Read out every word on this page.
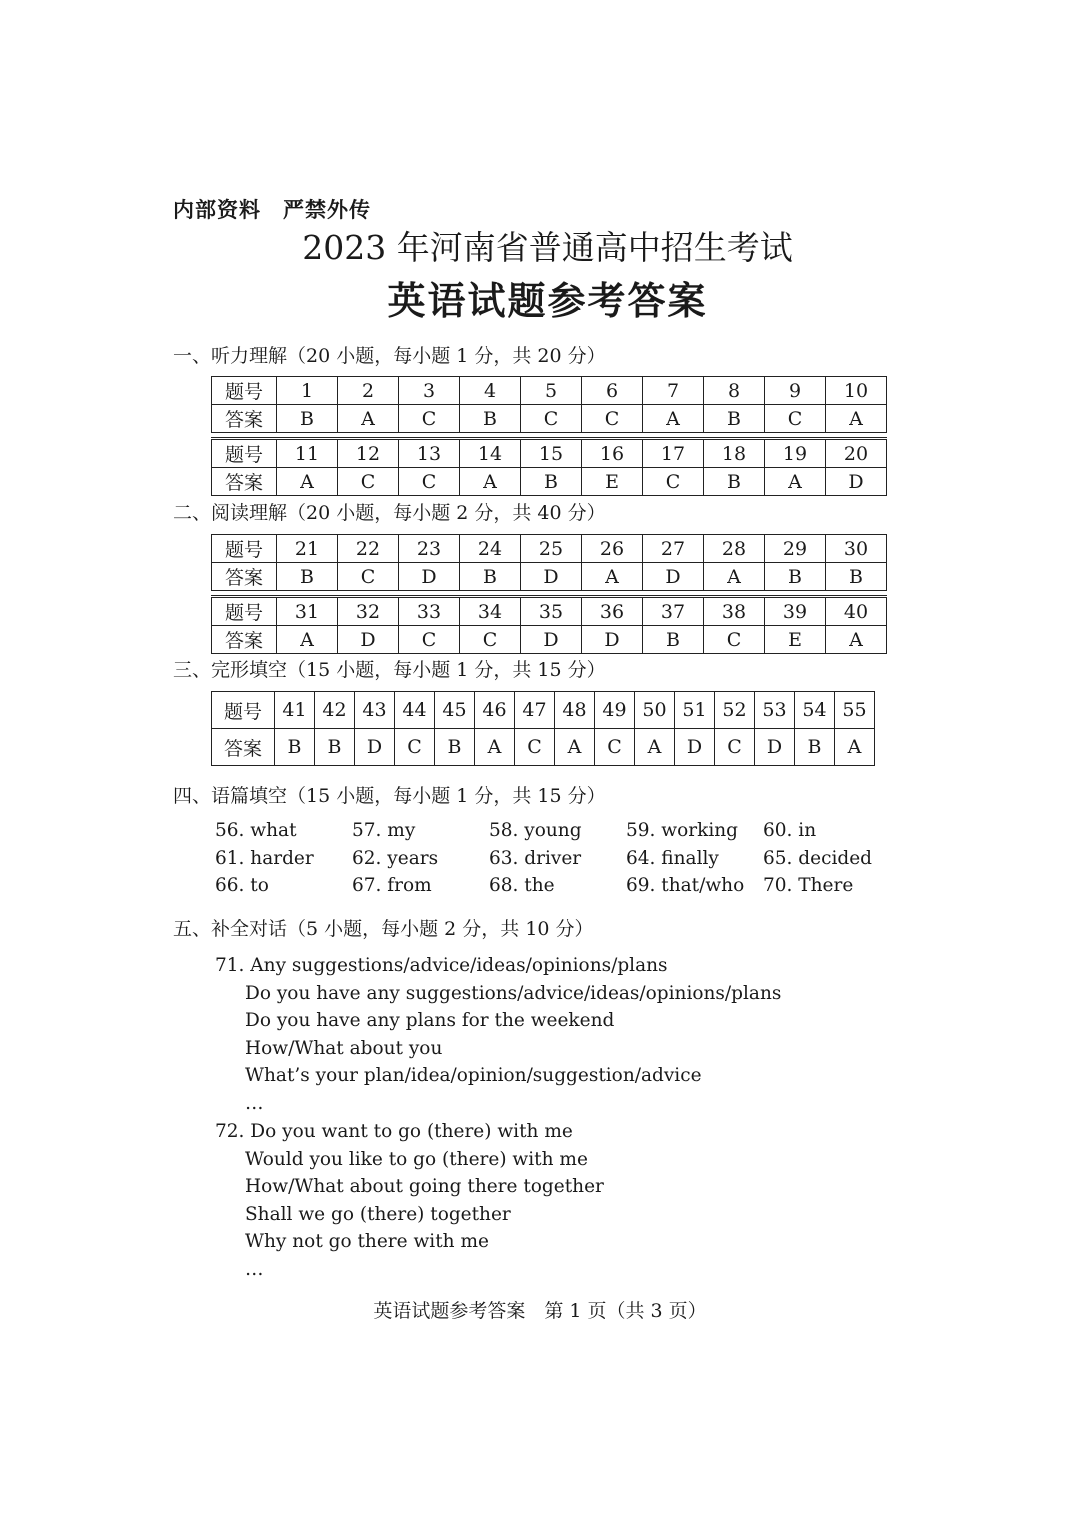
内部资料　严禁外传
2023 年河南省普通高中招生考试
英语试题参考答案
一、听力理解（20 小题，每小题 1 分，共 20 分）
题号	1	2	3	4	5	6	7	8	9	10
答案	B	A	C	B	C	C	A	B	C	A

题号	11	12	13	14	15	16	17	18	19	20
答案	A	C	C	A	B	E	C	B	A	D
二、阅读理解（20 小题，每小题 2 分，共 40 分）
题号	21	22	23	24	25	26	27	28	29	30
答案	B	C	D	B	D	A	D	A	B	B

题号	31	32	33	34	35	36	37	38	39	40
答案	A	D	C	C	D	D	B	C	E	A
三、完形填空（15 小题，每小题 1 分，共 15 分）
题号	41	42	43	44	45	46	47	48	49	50	51	52	53	54	55
答案	B	B	D	C	B	A	C	A	C	A	D	C	D	B	A
四、语篇填空（15 小题，每小题 1 分，共 15 分）
56. what	57. my	58. young 59. working 60. in
61. harder 62. years	63. driver 64. finally 65. decided
66. to	67. from	68. the	69. that/who 70. There
五、补全对话（5 小题，每小题 2 分，共 10 分）
71. Any suggestions/advice/ideas/opinions/plans
Do you have any suggestions/advice/ideas/opinions/plans
Do you have any plans for the weekend
How/What about you
What’s your plan/idea/opinion/suggestion/advice
…
72. Do you want to go (there) with me
Would you like to go (there) with me
How/What about going there together
Shall we go (there) together
Why not go there with me
…
英语试题参考答案　第 1 页（共 3 页）
